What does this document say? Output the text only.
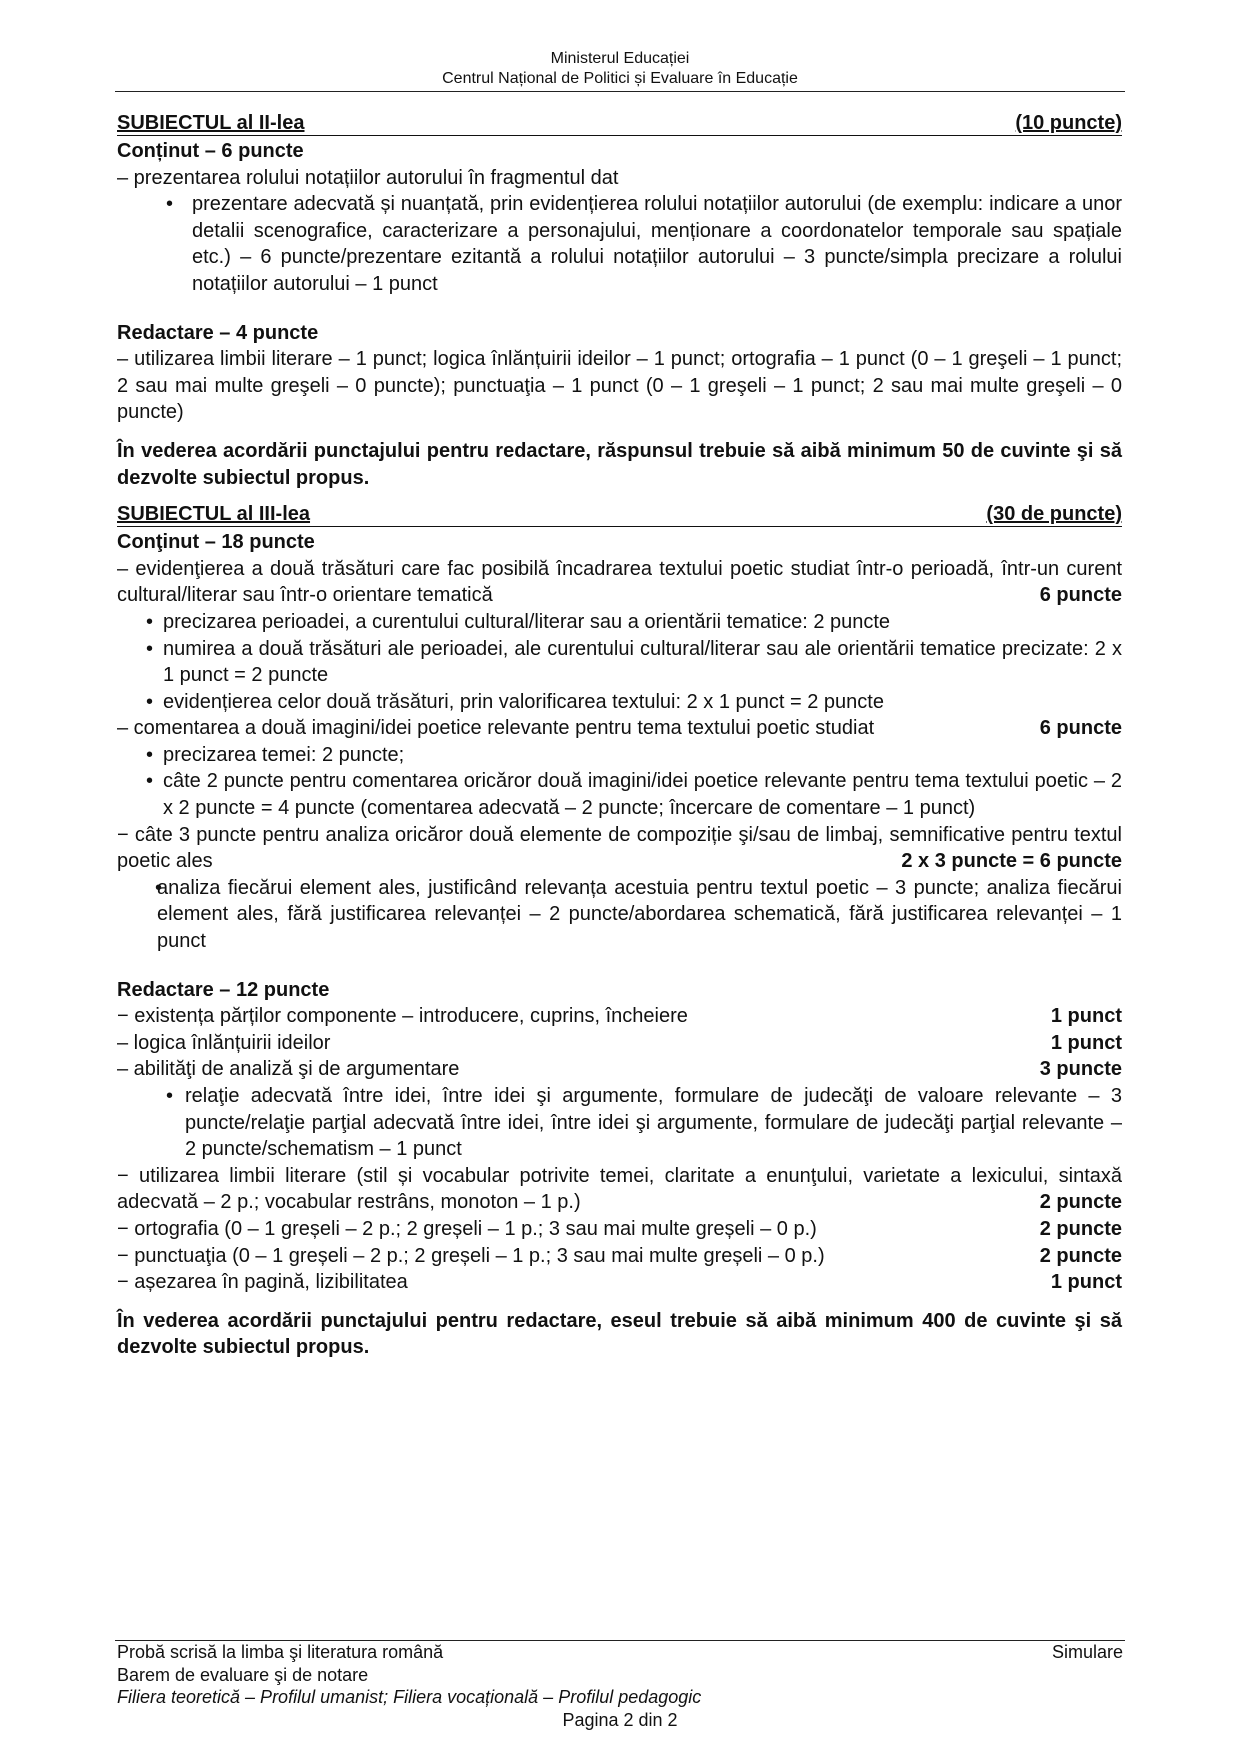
Ministerul Educației
Centrul Național de Politici și Evaluare în Educație
SUBIECTUL al II-lea	(10 puncte)
Conținut – 6 puncte
– prezentarea rolului notațiilor autorului în fragmentul dat
• prezentare adecvată și nuanțată, prin evidențierea rolului notațiilor autorului (de exemplu: indicare a unor detalii scenografice, caracterizare a personajului, menționare a coordonatelor temporale sau spațiale etc.) – 6 puncte/prezentare ezitantă a rolului notațiilor autorului – 3 puncte/simpla precizare a rolului notațiilor autorului – 1 punct
Redactare – 4 puncte
– utilizarea limbii literare – 1 punct; logica înlănțuirii ideilor – 1 punct; ortografia – 1 punct (0 – 1 greşeli – 1 punct; 2 sau mai multe greşeli – 0 puncte); punctuaţia – 1 punct (0 – 1 greşeli – 1 punct; 2 sau mai multe greşeli – 0 puncte)
În vederea acordării punctajului pentru redactare, răspunsul trebuie să aibă minimum 50 de cuvinte şi să dezvolte subiectul propus.
SUBIECTUL al III-lea	(30 de puncte)
Conţinut – 18 puncte
– evidenţierea a două trăsături care fac posibilă încadrarea textului poetic studiat într-o perioadă, într-un curent cultural/literar sau într-o orientare tematică	6 puncte
• precizarea perioadei, a curentului cultural/literar sau a orientării tematice: 2 puncte
• numirea a două trăsături ale perioadei, ale curentului cultural/literar sau ale orientării tematice precizate: 2 x 1 punct = 2 puncte
• evidențierea celor două trăsături, prin valorificarea textului: 2 x 1 punct = 2 puncte
– comentarea a două imagini/idei poetice relevante pentru tema textului poetic studiat	6 puncte
• precizarea temei: 2 puncte;
• câte 2 puncte pentru comentarea oricăror două imagini/idei poetice relevante pentru tema textului poetic – 2 x 2 puncte = 4 puncte (comentarea adecvată – 2 puncte; încercare de comentare – 1 punct)
− câte 3 puncte pentru analiza oricăror două elemente de compoziție şi/sau de limbaj, semnificative pentru textul poetic ales	2 x 3 puncte = 6 puncte
• analiza fiecărui element ales, justificând relevanța acestuia pentru textul poetic – 3 puncte; analiza fiecărui element ales, fără justificarea relevanței – 2 puncte/abordarea schematică, fără justificarea relevanței – 1 punct
Redactare – 12 puncte
− existența părților componente – introducere, cuprins, încheiere	1 punct
– logica înlănțuirii ideilor	1 punct
– abilităţi de analiză şi de argumentare	3 puncte
• relaţie adecvată între idei, între idei şi argumente, formulare de judecăţi de valoare relevante – 3 puncte/relaţie parţial adecvată între idei, între idei şi argumente, formulare de judecăţi parţial relevante – 2 puncte/schematism – 1 punct
− utilizarea limbii literare (stil și vocabular potrivite temei, claritate a enunţului, varietate a lexicului, sintaxă adecvată – 2 p.; vocabular restrâns, monoton – 1 p.)	2 puncte
− ortografia (0 – 1 greșeli – 2 p.; 2 greșeli – 1 p.; 3 sau mai multe greșeli – 0 p.)	2 puncte
− punctuaţia (0 – 1 greșeli – 2 p.; 2 greșeli – 1 p.; 3 sau mai multe greșeli – 0 p.)	2 puncte
− așezarea în pagină, lizibilitatea	1 punct
În vederea acordării punctajului pentru redactare, eseul trebuie să aibă minimum 400 de cuvinte şi să dezvolte subiectul propus.
Probă scrisă la limba şi literatura română	Simulare
Barem de evaluare şi de notare
Filiera teoretică – Profilul umanist; Filiera vocațională – Profilul pedagogic
Pagina 2 din 2
